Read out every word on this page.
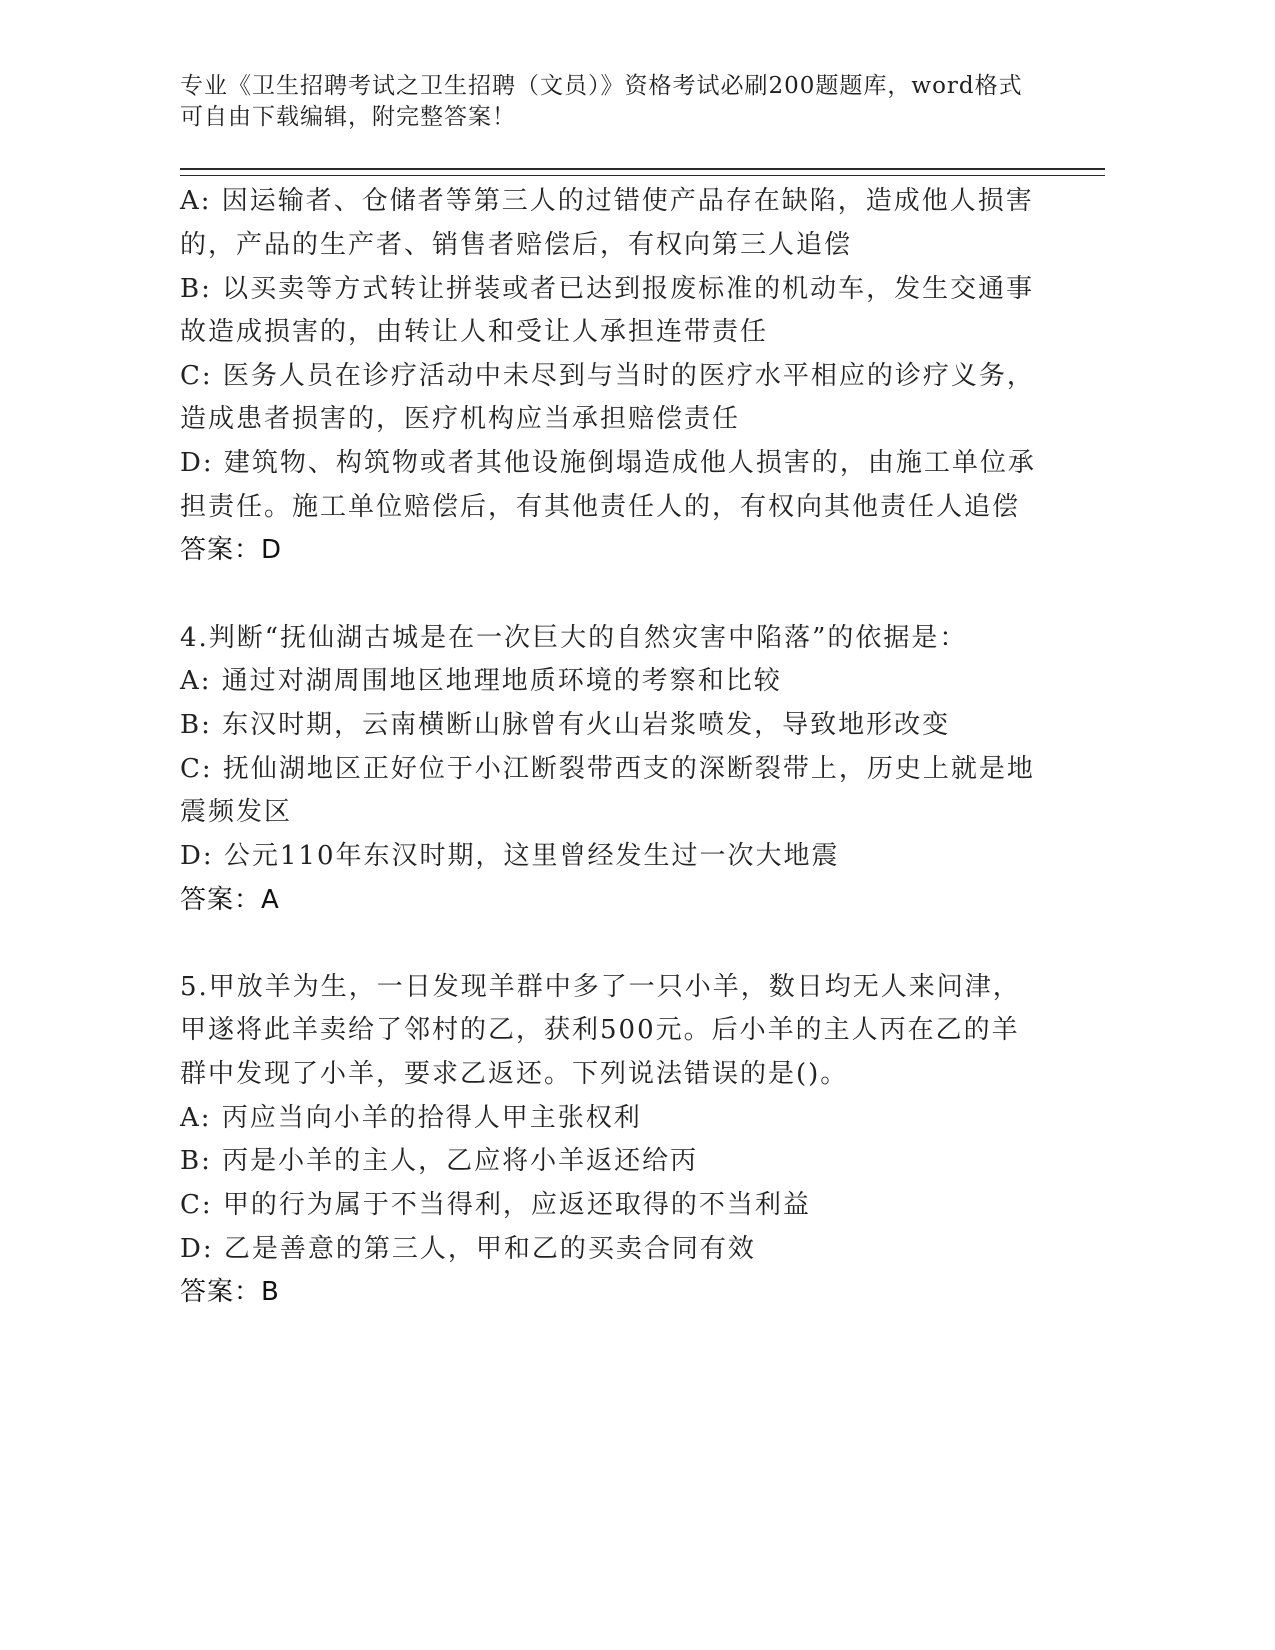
专业《卫生招聘考试之卫生招聘（文员）》资格考试必刷200题题库，word格式
可自由下载编辑，附完整答案！
A: 因运输者、仓储者等第三人的过错使产品存在缺陷，造成他人损害
的，产品的生产者、销售者赔偿后，有权向第三人追偿
B: 以买卖等方式转让拼装或者已达到报废标准的机动车，发生交通事
故造成损害的，由转让人和受让人承担连带责任
C: 医务人员在诊疗活动中未尽到与当时的医疗水平相应的诊疗义务，
造成患者损害的，医疗机构应当承担赔偿责任
D: 建筑物、构筑物或者其他设施倒塌造成他人损害的，由施工单位承
担责任。施工单位赔偿后，有其他责任人的，有权向其他责任人追偿
答案：D
4.判断“抚仙湖古城是在一次巨大的自然灾害中陷落”的依据是：
A: 通过对湖周围地区地理地质环境的考察和比较
B: 东汉时期，云南横断山脉曾有火山岩浆喷发，导致地形改变
C: 抚仙湖地区正好位于小江断裂带西支的深断裂带上，历史上就是地
震频发区
D: 公元110年东汉时期，这里曾经发生过一次大地震
答案：A
5.甲放羊为生，一日发现羊群中多了一只小羊，数日均无人来问津，
甲遂将此羊卖给了邻村的乙，获利500元。后小羊的主人丙在乙的羊
群中发现了小羊，要求乙返还。下列说法错误的是()。
A: 丙应当向小羊的拾得人甲主张权利
B: 丙是小羊的主人，乙应将小羊返还给丙
C: 甲的行为属于不当得利，应返还取得的不当利益
D: 乙是善意的第三人，甲和乙的买卖合同有效
答案：B
